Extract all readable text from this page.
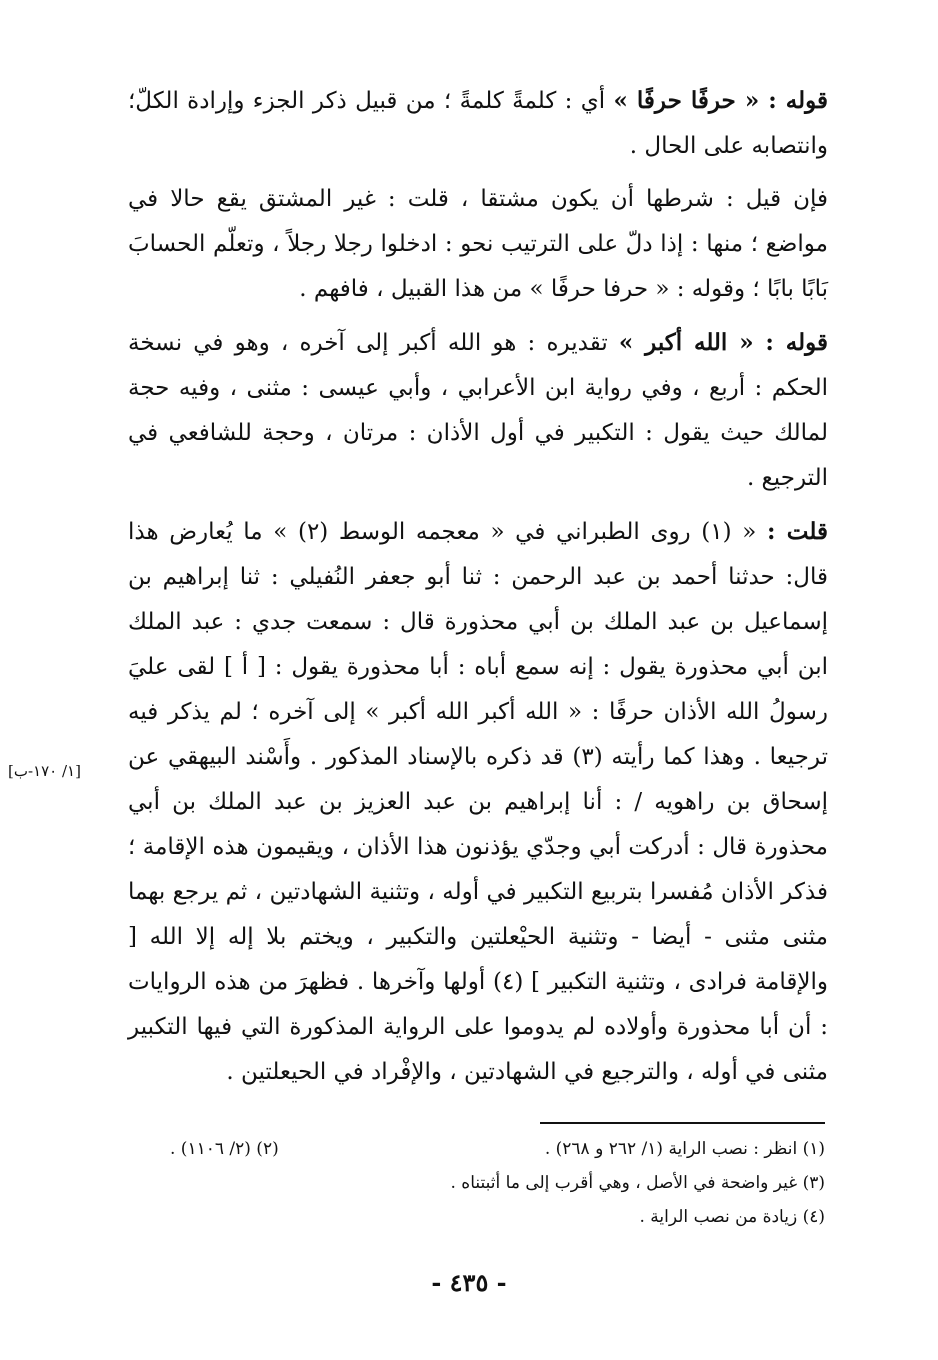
قوله : « حرفًا حرفًا » أي : كلمةً كلمةً ؛ من قبيل ذكر الجزء وإرادة الكلّ؛ وانتصابه على الحال .

فإن قيل : شرطها أن يكون مشتقا ، قلت : غير المشتق يقع حالا في مواضع ؛ منها : إذا دلّ على الترتيب نحو : ادخلوا رجلا رجلاً ، وتعلّم الحسابَ بَابًا بابًا ؛ وقوله : « حرفا حرفًا » من هذا القبيل ، فافهم .

قوله : « الله أكبر » تقديره : هو الله أكبر إلى آخره ، وهو في نسخة الحكم : أربع ، وفي رواية ابن الأعرابي ، وأبي عيسى : مثنى ، وفيه حجة لمالك حيث يقول : التكبير في أول الأذان : مرتان ، وحجة للشافعي في الترجيع .

قلت : « (١) روى الطبراني في « معجمه الوسط (٢) » ما يُعارض هذا قال: حدثنا أحمد بن عبد الرحمن : ثنا أبو جعفر النُفيلي : ثنا إبراهيم بن إسماعيل بن عبد الملك بن أبي محذورة قال : سمعت جدي : عبد الملك ابن أبي محذورة يقول : إنه سمع أباه : أبا محذورة يقول : [ أ ] لقى عليَ رسولُ الله الأذان حرفًا : « الله أكبر الله أكبر » إلى آخره ؛ لم يذكر فيه ترجيعا . وهذا كما رأيته (٣) قد ذكره بالإسناد المذكور . وأَسْند البيهقي عن إسحاق بن راهويه / : أنا إبراهيم بن عبد العزيز بن عبد الملك بن أبي محذورة قال : أدركت أبي وجدّي يؤذنون هذا الأذان ، ويقيمون هذه الإقامة ؛ فذكر الأذان مُفسرا بتربيع التكبير في أوله ، وتثنية الشهادتين ، ثم يرجع بهما مثنى مثنى - أيضا - وتثنية الحيْعلتين والتكبير ، ويختم بلا إله إلا الله [ والإقامة فرادى ، وتثنية التكبير ] (٤) أولها وآخرها . فظهرَ من هذه الروايات : أن أبا محذورة وأولاده لم يدوموا على الرواية المذكورة التي فيها التكبير مثنى في أوله ، والترجيع في الشهادتين ، والإفْراد في الحيعلتين .

[١/ ١٧٠-ب]
(١) انظر : نصب الراية (١/ ٢٦٢ و ٢٦٨) .
(٢) (٢/ ١١٠٦) .
(٣) غير واضحة في الأصل ، وهي أقرب إلى ما أثبتناه .
(٤) زيادة من نصب الراية .
- ٤٣٥ -
